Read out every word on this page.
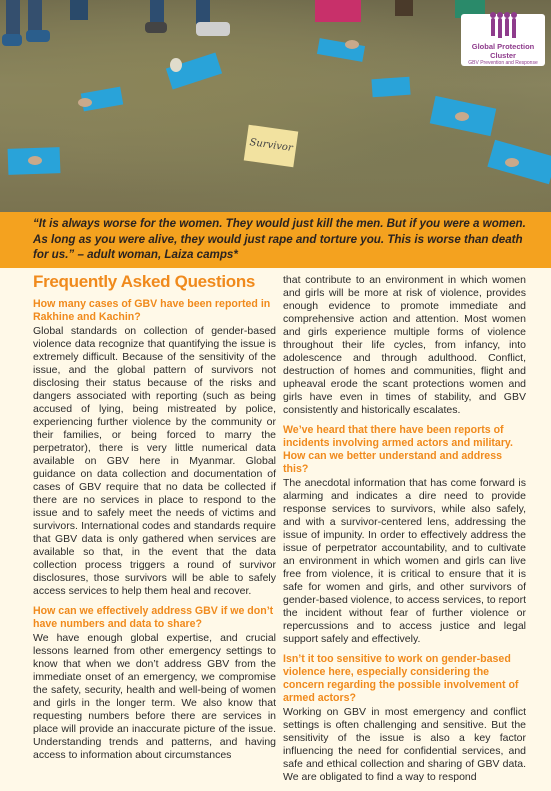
Survivor
Global Protection Cluster
GBV Prevention and Response

“It is always worse for the women. They would just kill the men. But if you were a women. As long as you were alive, they would just rape and torture you. This is worse than death for us.” – adult woman, Laiza camps*

Frequently Asked Questions
How many cases of GBV have been reported in Rakhine and Kachin?

Global standards on collection of gender-based violence data recognize that quantifying the issue is extremely difficult. Because of the sensitivity of the issue, and the global pattern of survivors not disclosing their status because of the risks and dangers associated with reporting (such as being accused of lying, being mistreated by police, experiencing further violence by the community or their families, or being forced to marry the perpetrator), there is very little numerical data available on GBV here in Myanmar. Global guidance on data collection and documentation of cases of GBV require that no data be collected if there are no services in place to respond to the issue and to safely meet the needs of victims and survivors. International codes and standards require that GBV data is only gathered when services are available so that, in the event that the data collection process triggers a round of survivor disclosures, those survivors will be able to safely access services to help them heal and recover.

How can we effectively address GBV if we don’t have numbers and data to share?

We have enough global expertise, and crucial lessons learned from other emergency settings to know that when we don’t address GBV from the immediate onset of an emergency, we compromise the safety, security, health and well-being of women and girls in the longer term. We also know that requesting numbers before there are services in place will provide an inaccurate picture of the issue. Understanding trends and patterns, and having access to information about circumstances

that contribute to an environment in which women and girls will be more at risk of violence, provides enough evidence to promote immediate and comprehensive action and attention. Most women and girls experience multiple forms of violence throughout their life cycles, from infancy, into adolescence and through adulthood. Conflict, destruction of homes and communities, flight and upheaval erode the scant protections women and girls have even in times of stability, and GBV consistently and historically escalates.

We’ve heard that there have been reports of incidents involving armed actors and military. How can we better understand and address this?

The anecdotal information that has come forward is alarming and indicates a dire need to provide response services to survivors, while also safely, and with a survivor-centered lens, addressing the issue of impunity. In order to effectively address the issue of perpetrator accountability, and to cultivate an environment in which women and girls can live free from violence, it is critical to ensure that it is safe for women and girls, and other survivors of gender-based violence, to access services, to report the incident without fear of further violence or repercussions and to access justice and legal support safely and effectively.

Isn’t it too sensitive to work on gender-based violence here, especially considering the concern regarding the possible involvement of armed actors?

Working on GBV in most emergency and conflict settings is often challenging and sensitive. But the sensitivity of the issue is also a key factor influencing the need for confidential services, and safe and ethical collection and sharing of GBV data. We are obligated to find a way to respond
